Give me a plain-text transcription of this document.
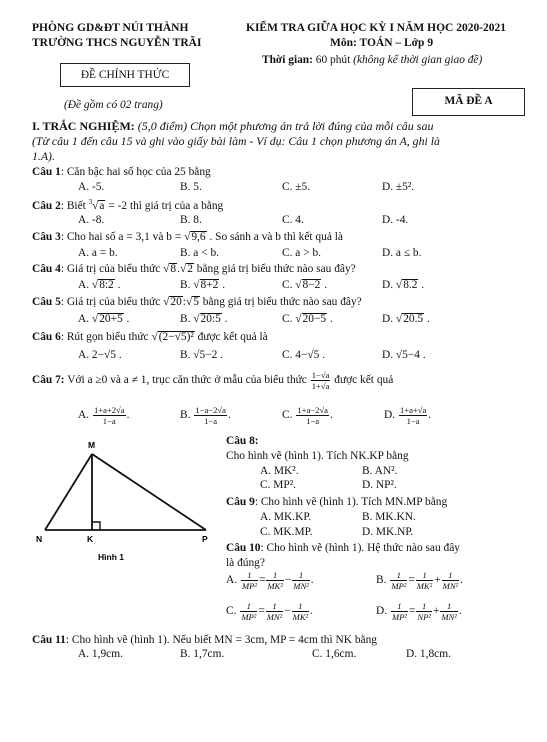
PHÒNG GD&ĐT NÚI THÀNH
TRƯỜNG THCS NGUYỄN TRÃI
ĐỀ CHÍNH THỨC
(Đề gồm có 02 trang)
KIỂM TRA GIỮA HỌC KỲ I NĂM HỌC 2020-2021
Môn: TOÁN – Lớp 9
Thời gian: 60 phút (không kể thời gian giao đề)
MÃ ĐỀ A
I. TRẮC NGHIỆM: (5,0 điểm) Chọn một phương án trả lời đúng của mỗi câu sau
(Từ câu 1 đến câu 15 và ghi vào giấy bài làm - Ví dụ: Câu 1 chọn phương án A, ghi là
1.A).
Câu 1: Căn bậc hai số học của 25 bằng
A. -5.	B. 5.	C. ±5.	D. ±5².
Câu 2: Biết $^3$√a = -2 thì giá trị của a bằng
A. -8.	B. 8.	C. 4.	D. -4.
Câu 3: Cho hai số a = 3,1 và b = √9,6 . So sánh a và b thì kết quả là
A. a = b.	B. a < b.	C. a > b.	D. a ≤ b.
Câu 4: Giá trị của biểu thức √8.√2 bằng giá trị biểu thức nào sau đây?
A. √8:2 .	B. √8+2 .	C. √8−2 .	D. √8.2 .
Câu 5: Giá trị của biểu thức √20:√5 bằng giá trị biểu thức nào sau đây?
A. √20+5 .	B. √20:5 .	C. √20−5 .	D. √20.5 .
Câu 6: Rút gọn biểu thức √(2−√5)² được kết quả là
A. 2−√5 .	B. √5−2 .	C. 4−√5 .	D. √5−4 .
Câu 7: Với a ≥0 và a ≠ 1, trục căn thức ở mẫu của biểu thức $\frac{1-√a}{1+√a}$ được kết quả
A. $\frac{1+a+2√a}{1-a}$ .	B. $\frac{1-a-2√a}{1-a}$ .	C. $\frac{1+a-2√a}{1-a}$ .	D. $\frac{1+a+√a}{1-a}$ .
M
N	K	P
Hình 1
Câu 8:
Cho hình vẽ (hình 1). Tích NK.KP bằng
A. MK².	B. AN².
C. MP².	D. NP².
Câu 9: Cho hình vẽ (hình 1). Tích MN.MP bằng
A. MK.KP.	B. MK.KN.
C. MK.MP.	D. MK.NP.
Câu 10: Cho hình vẽ (hình 1). Hệ thức nào sau đây
là đúng?
A. $\frac{1}{\text{MP²}} = \frac{1}{\text{MK²}} - \frac{1}{\text{MN²}}$ .	B. $\frac{1}{\text{MP²}} = \frac{1}{\text{MK²}} + \frac{1}{\text{MN²}}$ .
C. $\frac{1}{\text{MP²}} = \frac{1}{\text{MN²}} - \frac{1}{\text{MK²}}$ .	D. $\frac{1}{\text{MP²}} = \frac{1}{\text{NP²}} + \frac{1}{\text{MN²}}$ .
Câu 11: Cho hình vẽ (hình 1). Nếu biết MN = 3cm, MP = 4cm thì NK bằng
A. 1,9cm.	B. 1,7cm.	C. 1,6cm.	D. 1,8cm.
